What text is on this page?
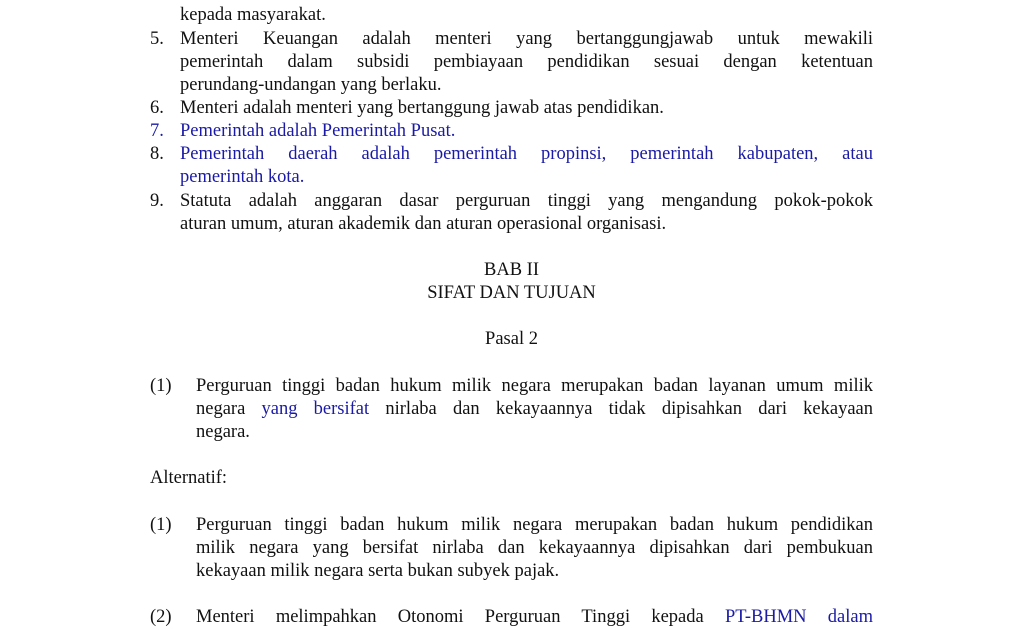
kepada masyarakat.
5. Menteri Keuangan adalah menteri yang bertanggungjawab untuk mewakili
pemerintah dalam subsidi pembiayaan pendidikan sesuai dengan ketentuan
perundang-undangan yang berlaku.
6. Menteri adalah menteri yang bertanggung jawab atas pendidikan.
7. Pemerintah adalah Pemerintah Pusat.
8. Pemerintah daerah adalah pemerintah propinsi, pemerintah kabupaten, atau
pemerintah kota.
9. Statuta adalah anggaran dasar perguruan tinggi yang mengandung pokok-pokok
aturan umum, aturan akademik dan aturan operasional organisasi.
BAB II
SIFAT DAN TUJUAN
Pasal 2
(1) Perguruan tinggi badan hukum milik negara merupakan badan layanan umum milik
negara yang bersifat nirlaba dan kekayaannya tidak dipisahkan dari kekayaan
negara.
Alternatif:
(1) Perguruan tinggi badan hukum milik negara merupakan badan hukum pendidikan
milik negara yang bersifat nirlaba dan kekayaannya dipisahkan dari pembukuan
kekayaan milik negara serta bukan subyek pajak.
(2) Menteri melimpahkan Otonomi Perguruan Tinggi kepada PT-BHMN dalam
